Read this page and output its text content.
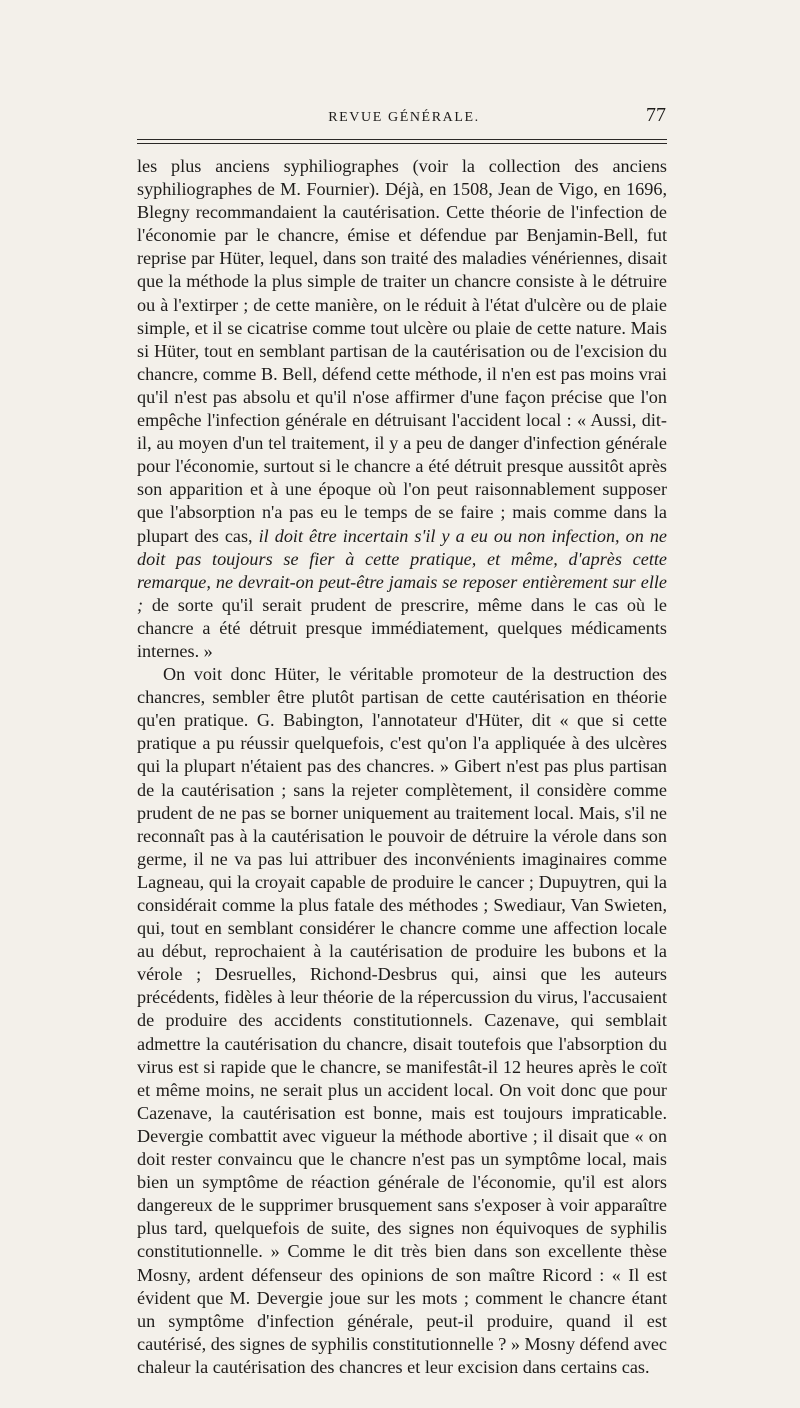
REVUE GÉNÉRALE.	77

les plus anciens syphiliographes (voir la collection des anciens syphiliographes de M. Fournier). Déjà, en 1508, Jean de Vigo, en 1696, Blegny recommandaient la cautérisation. Cette théorie de l'infection de l'économie par le chancre, émise et défendue par Benjamin-Bell, fut reprise par Hüter, lequel, dans son traité des maladies vénériennes, disait que la méthode la plus simple de traiter un chancre consiste à le détruire ou à l'extirper ; de cette manière, on le réduit à l'état d'ulcère ou de plaie simple, et il se cicatrise comme tout ulcère ou plaie de cette nature. Mais si Hüter, tout en semblant partisan de la cautérisation ou de l'excision du chancre, comme B. Bell, défend cette méthode, il n'en est pas moins vrai qu'il n'est pas absolu et qu'il n'ose affirmer d'une façon précise que l'on empêche l'infection générale en détruisant l'accident local : « Aussi, dit-il, au moyen d'un tel traitement, il y a peu de danger d'infection générale pour l'économie, surtout si le chancre a été détruit presque aussitôt après son apparition et à une époque où l'on peut raisonnablement supposer que l'absorption n'a pas eu le temps de se faire ; mais comme dans la plupart des cas, il doit être incertain s'il y a eu ou non infection, on ne doit pas toujours se fier à cette pratique, et même, d'après cette remarque, ne devrait-on peut-être jamais se reposer entièrement sur elle ; de sorte qu'il serait prudent de prescrire, même dans le cas où le chancre a été détruit presque immédiatement, quelques médicaments internes. »

On voit donc Hüter, le véritable promoteur de la destruction des chancres, sembler être plutôt partisan de cette cautérisation en théorie qu'en pratique. G. Babington, l'annotateur d'Hüter, dit « que si cette pratique a pu réussir quelquefois, c'est qu'on l'a appliquée à des ulcères qui la plupart n'étaient pas des chancres. » Gibert n'est pas plus partisan de la cautérisation ; sans la rejeter complètement, il considère comme prudent de ne pas se borner uniquement au traitement local. Mais, s'il ne reconnaît pas à la cautérisation le pouvoir de détruire la vérole dans son germe, il ne va pas lui attribuer des inconvénients imaginaires comme Lagneau, qui la croyait capable de produire le cancer ; Dupuytren, qui la considérait comme la plus fatale des méthodes ; Swediaur, Van Swieten, qui, tout en semblant considérer le chancre comme une affection locale au début, reprochaient à la cautérisation de produire les bubons et la vérole ; Desruelles, Richond-Desbrus qui, ainsi que les auteurs précédents, fidèles à leur théorie de la répercussion du virus, l'accusaient de produire des accidents constitutionnels. Cazenave, qui semblait admettre la cautérisation du chancre, disait toutefois que l'absorption du virus est si rapide que le chancre, se manifestât-il 12 heures après le coït et même moins, ne serait plus un accident local. On voit donc que pour Cazenave, la cautérisation est bonne, mais est toujours impraticable. Devergie combattit avec vigueur la méthode abortive ; il disait que « on doit rester convaincu que le chancre n'est pas un symptôme local, mais bien un symptôme de réaction générale de l'économie, qu'il est alors dangereux de le supprimer brusquement sans s'exposer à voir apparaître plus tard, quelquefois de suite, des signes non équivoques de syphilis constitutionnelle. » Comme le dit très bien dans son excellente thèse Mosny, ardent défenseur des opinions de son maître Ricord : « Il est évident que M. Devergie joue sur les mots ; comment le chancre étant un symptôme d'infection générale, peut-il produire, quand il est cautérisé, des signes de syphilis constitutionnelle ? » Mosny défend avec chaleur la cautérisation des chancres et leur excision dans certains cas.
